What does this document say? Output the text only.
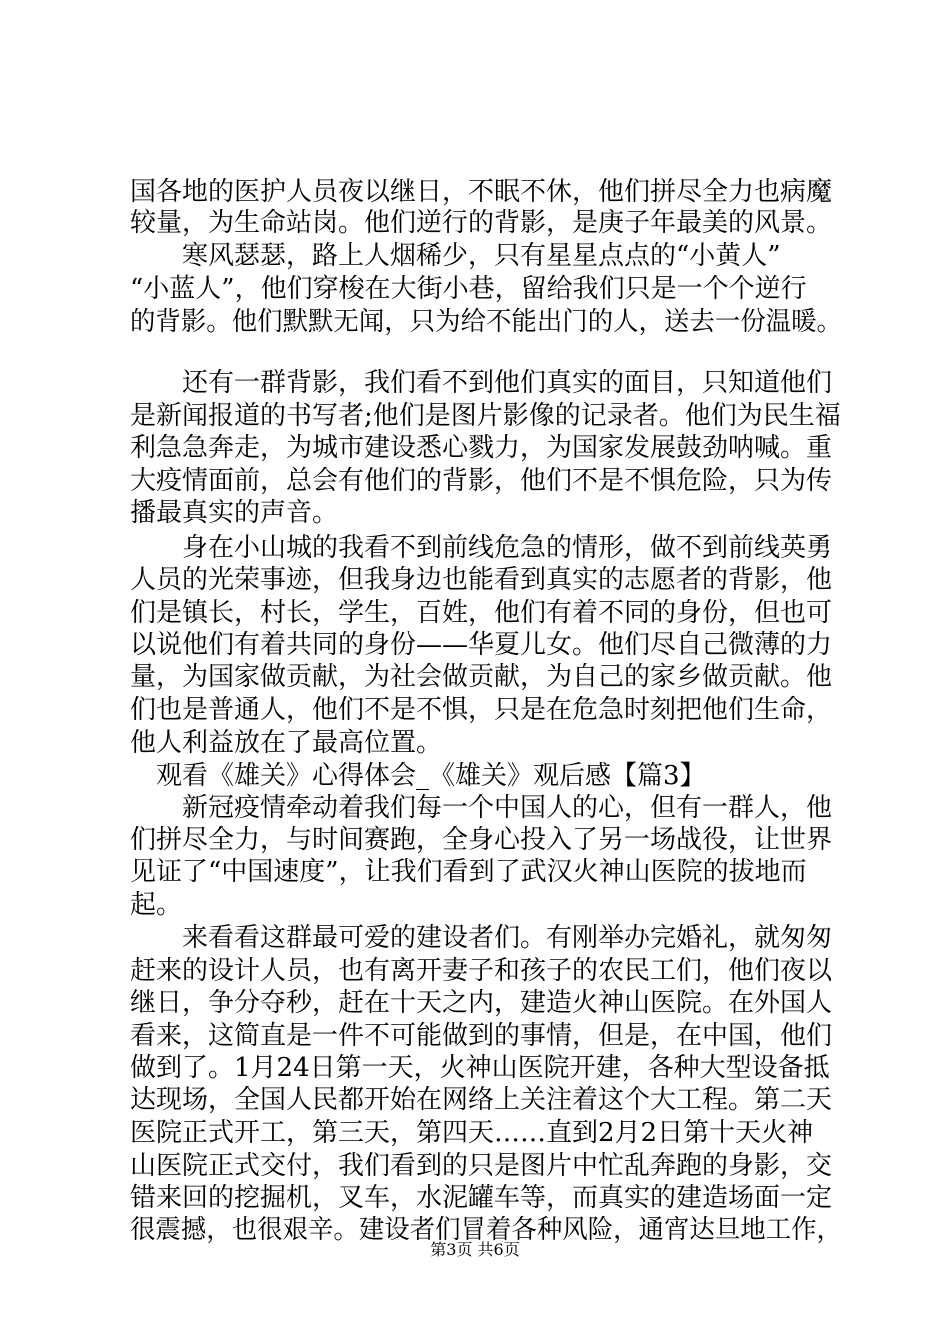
国各地的医护人员夜以继日，不眠不休，他们拼尽全力也病魔
较量，为生命站岗。他们逆行的背影，是庚子年最美的风景。
　　寒风瑟瑟，路上人烟稀少，只有星星点点的“小黄人”
“小蓝人”，他们穿梭在大街小巷，留给我们只是一个个逆行
的背影。他们默默无闻，只为给不能出门的人，送去一份温暖。
　　还有一群背影，我们看不到他们真实的面目，只知道他们
是新闻报道的书写者;他们是图片影像的记录者。他们为民生福
利急急奔走，为城市建设悉心戮力，为国家发展鼓劲呐喊。重
大疫情面前，总会有他们的背影，他们不是不惧危险，只为传
播最真实的声音。
　　身在小山城的我看不到前线危急的情形，做不到前线英勇
人员的光荣事迹，但我身边也能看到真实的志愿者的背影，他
们是镇长，村长，学生，百姓，他们有着不同的身份，但也可
以说他们有着共同的身份——华夏儿女。他们尽自己微薄的力
量，为国家做贡献，为社会做贡献，为自己的家乡做贡献。他
们也是普通人，他们不是不惧，只是在危急时刻把他们生命，
他人利益放在了最高位置。
　观看《雄关》心得体会_《雄关》观后感【篇3】
　　新冠疫情牵动着我们每一个中国人的心，但有一群人，他
们拼尽全力，与时间赛跑，全身心投入了另一场战役，让世界
见证了“中国速度”，让我们看到了武汉火神山医院的拔地而
起。
　　来看看这群最可爱的建设者们。有刚举办完婚礼，就匆匆
赶来的设计人员，也有离开妻子和孩子的农民工们，他们夜以
继日，争分夺秒，赶在十天之内，建造火神山医院。在外国人
看来，这简直是一件不可能做到的事情，但是，在中国，他们
做到了。1月24日第一天，火神山医院开建，各种大型设备抵
达现场，全国人民都开始在网络上关注着这个大工程。第二天
医院正式开工，第三天，第四天……直到2月2日第十天火神
山医院正式交付，我们看到的只是图片中忙乱奔跑的身影，交
错来回的挖掘机，叉车，水泥罐车等，而真实的建造场面一定
很震撼，也很艰辛。建设者们冒着各种风险，通宵达旦地工作，
第3页 共6页
